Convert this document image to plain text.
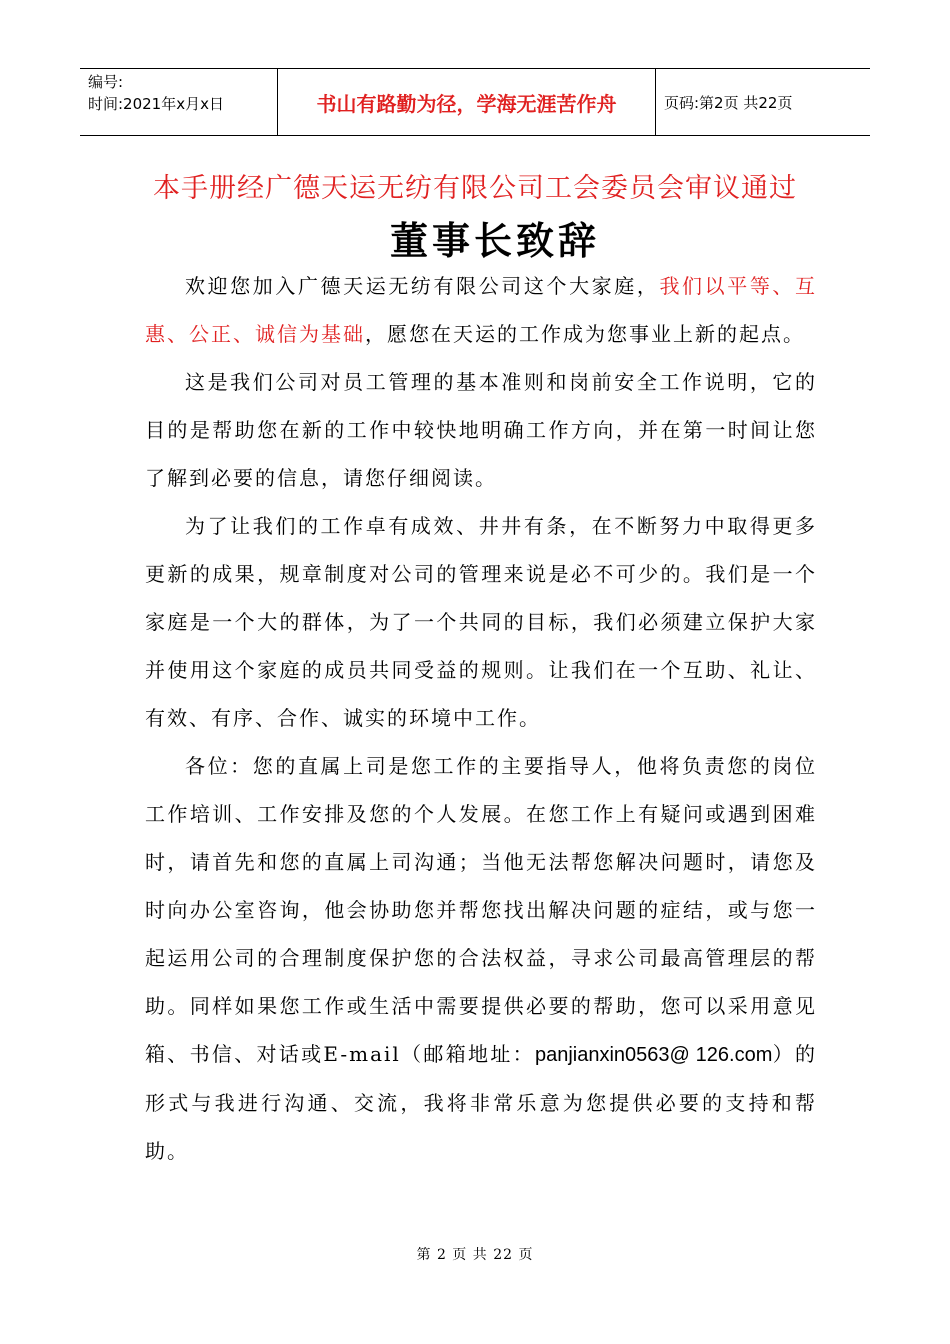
编号:
时间:2021年x月x日	书山有路勤为径，学海无涯苦作舟	页码:第2页 共22页
本手册经广德天运无纺有限公司工会委员会审议通过
董事长致辞

欢迎您加入广德天运无纺有限公司这个大家庭，我们以平等、互惠、公正、诚信为基础，愿您在天运的工作成为您事业上新的起点。

这是我们公司对员工管理的基本准则和岗前安全工作说明，它的目的是帮助您在新的工作中较快地明确工作方向，并在第一时间让您了解到必要的信息，请您仔细阅读。

为了让我们的工作卓有成效、井井有条，在不断努力中取得更多更新的成果，规章制度对公司的管理来说是必不可少的。我们是一个家庭是一个大的群体，为了一个共同的目标，我们必须建立保护大家并使用这个家庭的成员共同受益的规则。让我们在一个互助、礼让、有效、有序、合作、诚实的环境中工作。

各位：您的直属上司是您工作的主要指导人，他将负责您的岗位工作培训、工作安排及您的个人发展。在您工作上有疑问或遇到困难时，请首先和您的直属上司沟通；当他无法帮您解决问题时，请您及时向办公室咨询，他会协助您并帮您找出解决问题的症结，或与您一起运用公司的合理制度保护您的合法权益，寻求公司最高管理层的帮助。同样如果您工作或生活中需要提供必要的帮助，您可以采用意见箱、书信、对话或E-mail（邮箱地址：panjianxin0563@ 126.com）的形式与我进行沟通、交流，我将非常乐意为您提供必要的支持和帮助。

第 2 页 共 22 页
